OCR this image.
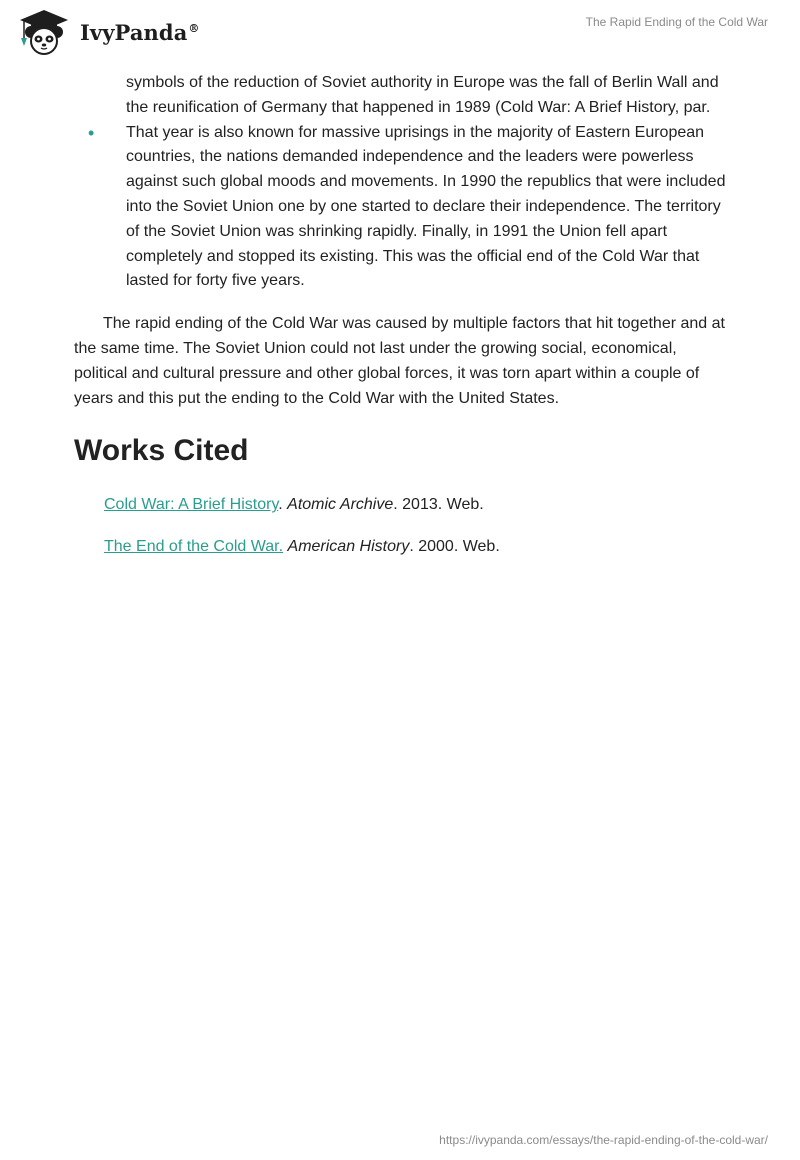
IvyPanda®	The Rapid Ending of the Cold War
symbols of the reduction of Soviet authority in Europe was the fall of Berlin Wall and the reunification of Germany that happened in 1989 (Cold War: A Brief History, par.
• That year is also known for massive uprisings in the majority of Eastern European countries, the nations demanded independence and the leaders were powerless against such global moods and movements. In 1990 the republics that were included into the Soviet Union one by one started to declare their independence. The territory of the Soviet Union was shrinking rapidly. Finally, in 1991 the Union fell apart completely and stopped its existing. This was the official end of the Cold War that lasted for forty five years.

The rapid ending of the Cold War was caused by multiple factors that hit together and at the same time. The Soviet Union could not last under the growing social, economical, political and cultural pressure and other global forces, it was torn apart within a couple of years and this put the ending to the Cold War with the United States.

Works Cited

Cold War: A Brief History. Atomic Archive. 2013. Web.

The End of the Cold War. American History. 2000. Web.

https://ivypanda.com/essays/the-rapid-ending-of-the-cold-war/
